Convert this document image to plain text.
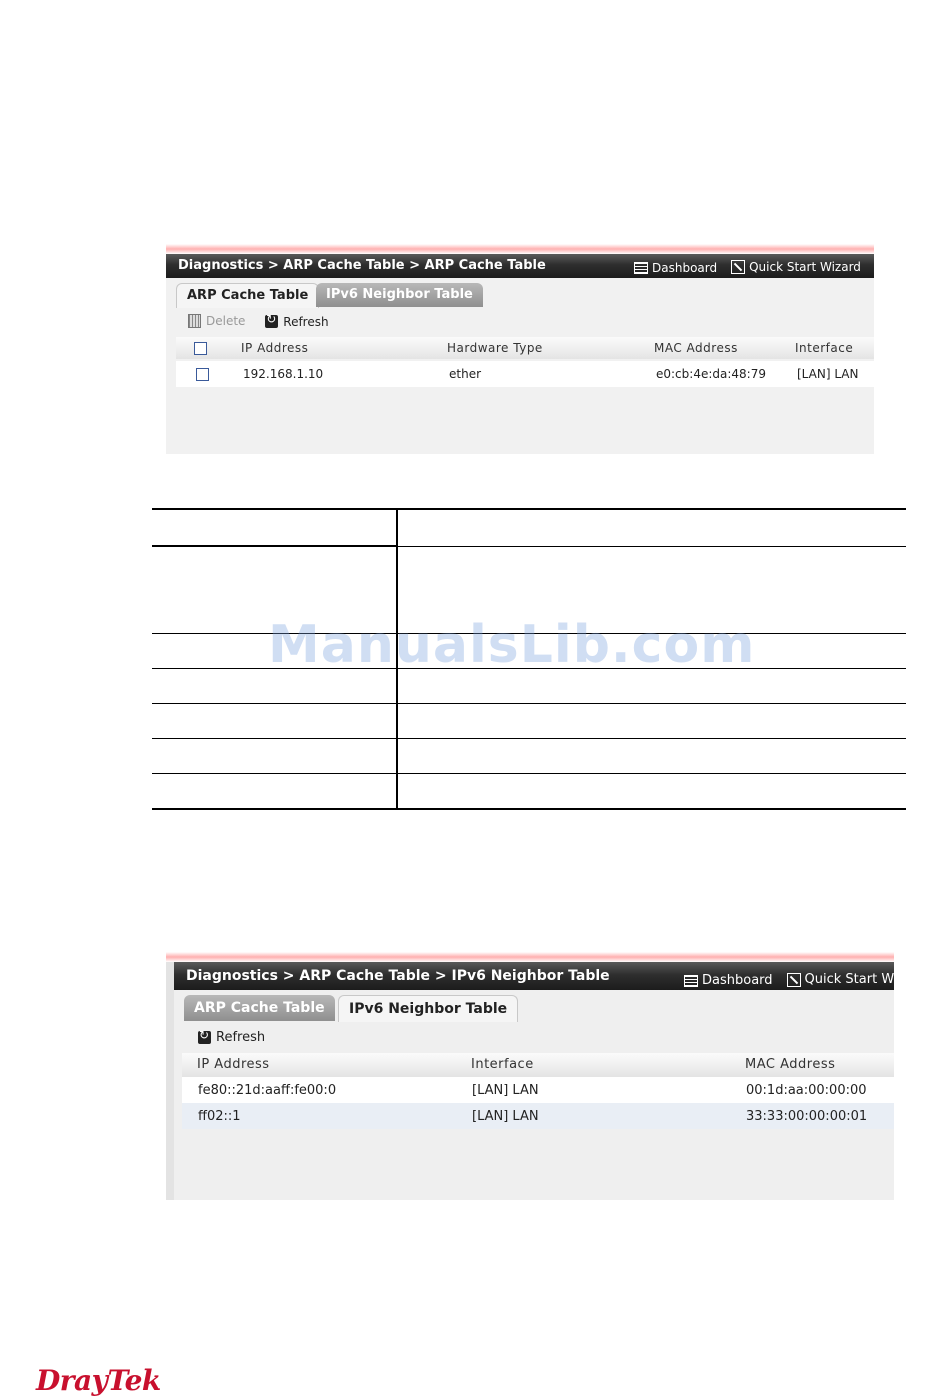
Diagnostics > ARP Cache Table > ARP Cache Table	Dashboard	Quick Start Wizard
ARP Cache Table	IPv6 Neighbor Table
Delete

↻	Refresh
IP Address	Hardware Type	MAC Address	Interface
192.168.1.10	ether	e0:cb:4e:da:48:79	[LAN] LAN

ManualsLib.com
Diagnostics > ARP Cache Table > IPv6 Neighbor Table	Dashboard Quick Start W
ARP Cache Table	IPv6 Neighbor Table
↻
Refresh
IP Address	Interface	MAC Address
fe80::21d:aaff:fe00:0	[LAN] LAN	00:1d:aa:00:00:00
ff02::1	[LAN] LAN	33:33:00:00:00:01
DrayTek
